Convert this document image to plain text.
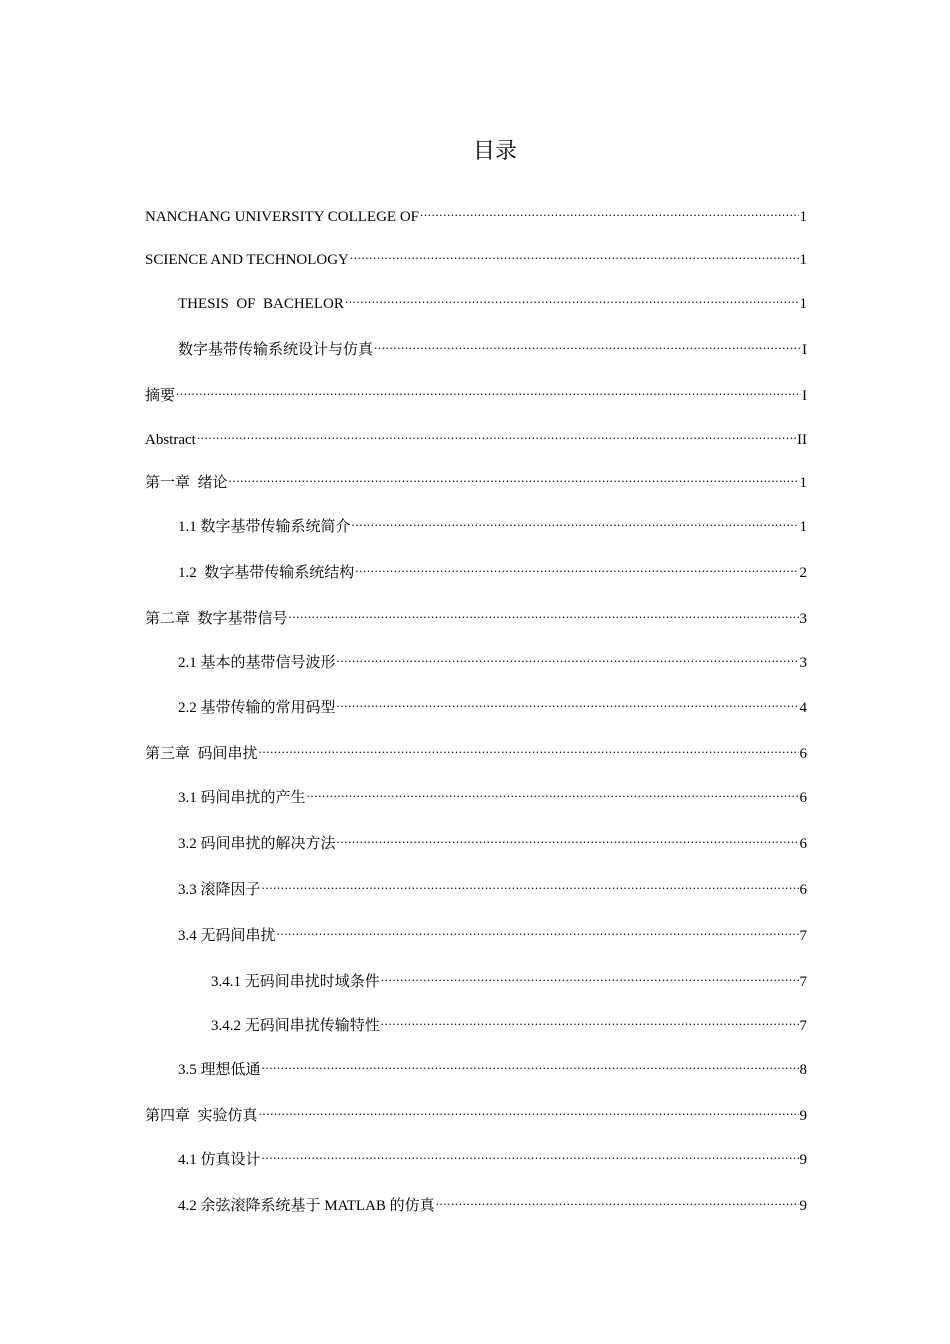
目录
NANCHANG UNIVERSITY COLLEGE OF .....	1
SCIENCE AND TECHNOLOGY .....	1
THESIS  OF  BACHELOR .....	1
数字基带传输系统设计与仿真 .....	I
摘要 .....	I
Abstract .....	II
第一章  绪论 .....	1
1.1 数字基带传输系统简介 .....	1
1.2  数字基带传输系统结构 .....	2
第二章  数字基带信号 .....	3
2.1 基本的基带信号波形 .....	3
2.2 基带传输的常用码型 .....	4
第三章  码间串扰 .....	6
3.1 码间串扰的产生 .....	6
3.2 码间串扰的解决方法 .....	6
3.3 滚降因子 .....	6
3.4 无码间串扰 .....	7
3.4.1 无码间串扰时域条件 .....	7
3.4.2 无码间串扰传输特性 .....	7
3.5 理想低通 .....	8
第四章  实验仿真 .....	9
4.1 仿真设计 .....	9
4.2 余弦滚降系统基于 MATLAB 的仿真 .....	9
